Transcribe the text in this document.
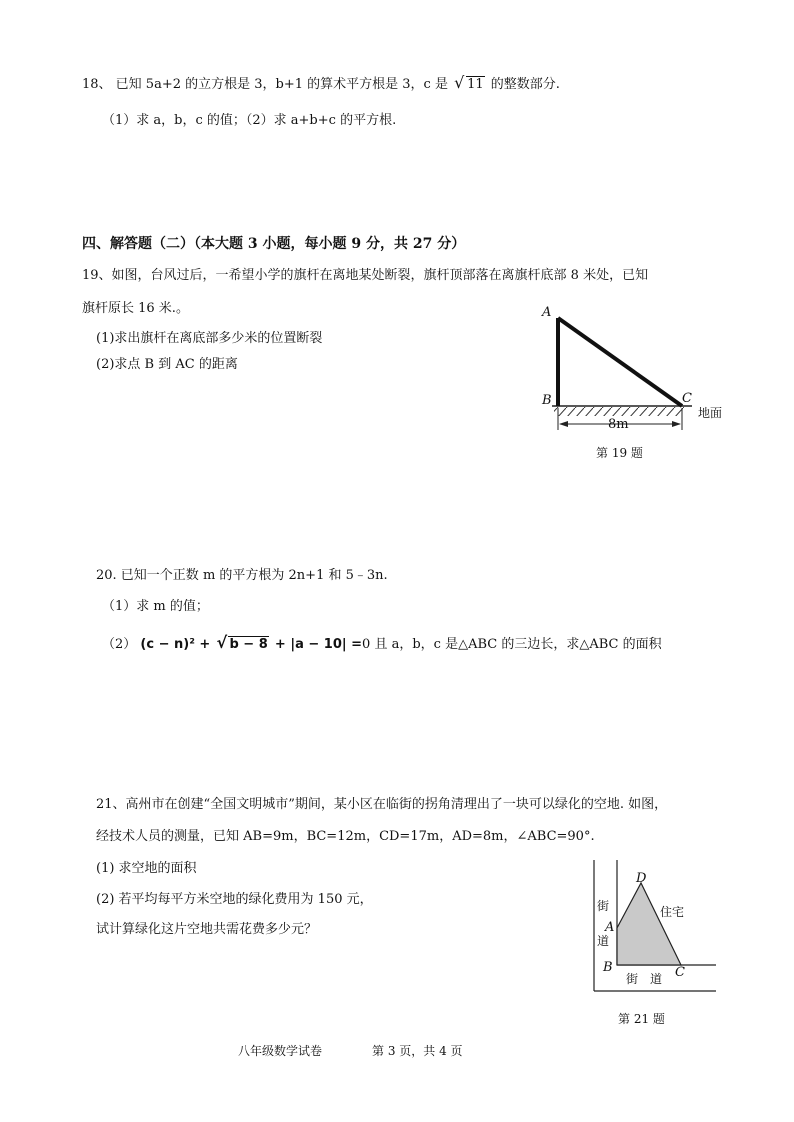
18、 已知 5a+2 的立方根是 3，b+1 的算术平方根是 3，c 是 √ 11 的整数部分.
（1）求 a，b，c 的值；（2）求 a+b+c 的平方根.
四、解答题（二）（本大题 3 小题，每小题 9 分，共 27 分）
19、如图，台风过后，一希望小学的旗杆在离地某处断裂，旗杆顶部落在离旗杆底部 8 米处，已知
旗杆原长 16 米.。
(1)求出旗杆在离底部多少米的位置断裂
(2)求点 B 到 AC 的距离
8m
A
B	C
地面
第 19 题
20. 已知一个正数 m 的平方根为 2n+1 和 5﹣3n.
（1）求 m 的值；
（2） (c − n)² + √ b − 8 + |a − 10| =0 且 a，b，c 是△ABC 的三边长，求△ABC 的面积
21、高州市在创建“全国文明城市”期间，某小区在临街的拐角清理出了一块可以绿化的空地. 如图，
经技术人员的测量，已知 AB=9m，BC=12m，CD=17m，AD=8m，∠ABC=90°.
(1) 求空地的面积
(2) 若平均每平方米空地的绿化费用为 150 元，
试计算绿化这片空地共需花费多少元？
D
A
B	C
街
道
住宅
街　道
第 21 题
八年级数学试卷	第 3 页，共 4 页
